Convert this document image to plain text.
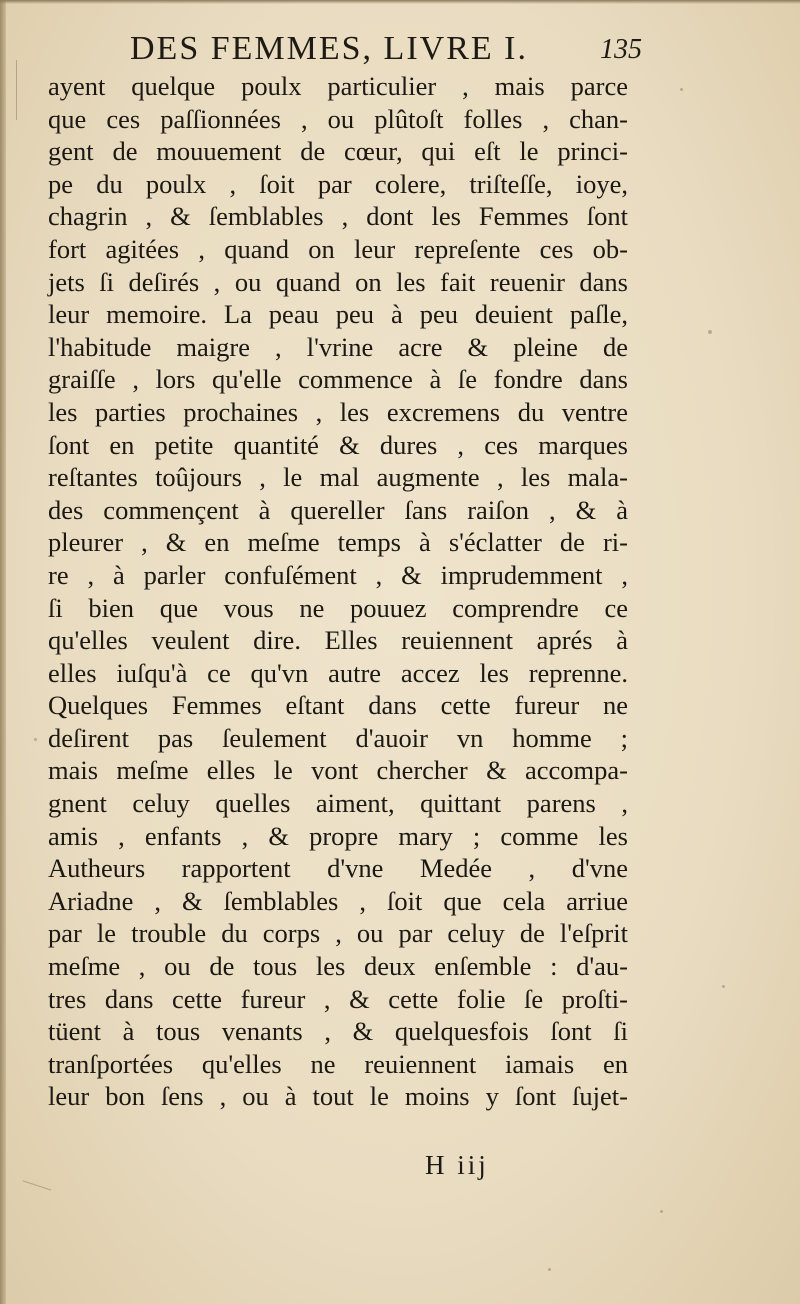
DES FEMMES, LIVRE I.	135
ayent quelque poulx particulier , mais parce
que ces paſſionnées , ou plûtoſt folles , chan-
gent de mouuement de cœur, qui eſt le princi-
pe du poulx , ſoit par colere, triſteſſe, ioye,
chagrin , & ſemblables , dont les Femmes ſont
fort agitées , quand on leur repreſente ces ob-
jets ſi deſirés , ou quand on les fait reuenir dans
leur memoire. La peau peu à peu deuient paſle,
l'habitude maigre , l'vrine acre & pleine de
graiſſe , lors qu'elle commence à ſe fondre dans
les parties prochaines , les excremens du ventre
ſont en petite quantité & dures , ces marques
reſtantes toûjours , le mal augmente , les mala-
des commençent à quereller ſans raiſon , & à
pleurer , & en meſme temps à s'éclatter de ri-
re , à parler confuſément , & imprudemment ,
ſi bien que vous ne pouuez comprendre ce
qu'elles veulent dire. Elles reuiennent aprés à
elles iuſqu'à ce qu'vn autre accez les reprenne.
Quelques Femmes eſtant dans cette fureur ne
deſirent pas ſeulement d'auoir vn homme ;
mais meſme elles le vont chercher & accompa-
gnent celuy quelles aiment, quittant parens ,
amis , enfants , & propre mary ; comme les
Autheurs rapportent d'vne Medée , d'vne
Ariadne , & ſemblables , ſoit que cela arriue
par le trouble du corps , ou par celuy de l'eſprit
meſme , ou de tous les deux enſemble : d'au-
tres dans cette fureur , & cette folie ſe proſti-
tüent à tous venants , & quelquesfois ſont ſi
tranſportées qu'elles ne reuiennent iamais en
leur bon ſens , ou à tout le moins y ſont ſujet-
H iij
